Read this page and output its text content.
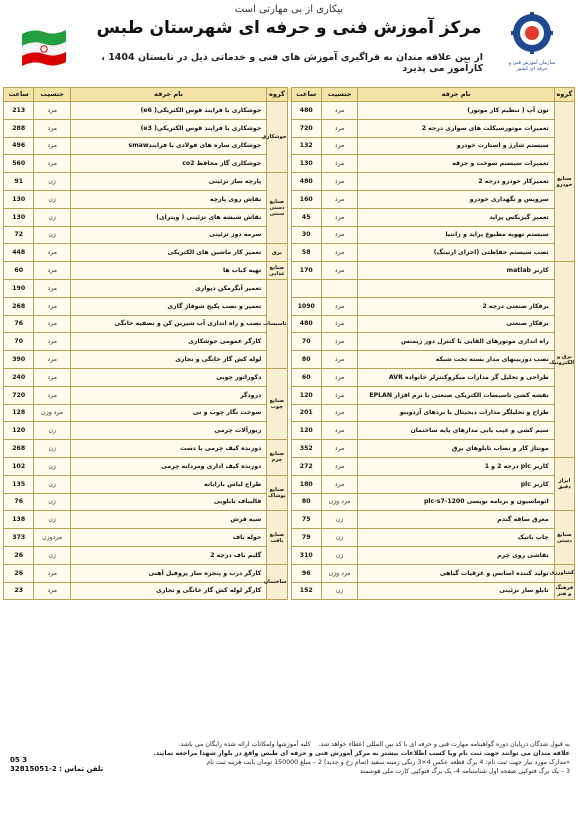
بیکاری از بی مهارتی است
مرکز آموزش فنی و حرفه ای شهرستان طبس
از بین علاقه مندان به فراگیری آموزش های فنی و خدماتی ذیل در تابستان 1404 ، کارآموز می پذیرد	سازمان آموزش فنی و حرفه ای کشور
گروه	نام حرفه	جنسیت	ساعت		گروه	نام حرفه	جنسیت	ساعت
صنایع خودرو	تون آپ ( تنظیم کار موتور)	مرد	480		جوشکاری	جوشکاری با فرایند قوس الکتریکی( e6)	مرد	213
	تعمیرات موتورسیکلت های سواری درجه 2	مرد	720			جوشکاری با فرایند قوس الکتریکی( e3)	مرد	288
	سیستم شارژ و استارت خودرو	مرد	132			جوشکاری سازه های فولادی با فرایندsmaw	مرد	496
	تعمیرات سیستم سوخت و جرقه	مرد	130			جوشکاری گاز محافظ co2	مرد	560
	تعمیرکار خودرو درجه 2	مرد	480		صنایع دستی سنتی	پارچه ساز تزئینی	زن	91
	سرویس و نگهداری خودرو	مرد	160			نقاش روی پارچه	زن	130
	تعمیر گیربکس پراید	مرد	45			نقاش شیشه های تزئینی ( ویترای)	زن	130
	سیستم تهویه مطبوع پراید و زانتیا	مرد	30			سرمه دوز تزئینی	زن	72
	نصب سیستم حفاظتی (اجزای ارتینگ)	مرد	58		برق	تعمیر کار ماشین های الکتریکی	مرد	448
برق و الکترونیک	کاربر matlab	مرد	170		صنایع غذایی	تهیه کباب ها	مرد	60
					تاسیسات	تعمیر آبگرمکن دیواری	مرد	190
	برقکار صنعتی درجه 2	مرد	1090			تعمیر و نصب پکیج شوفاژ گازی	مرد	268
	برقکار صنعتی	مرد	480			نصب و راه اندازی آب شیرین کن و تصفیه خانگی	مرد	76
	راه اندازی موتورهای القایی با کنترل دور زیمنس	مرد	70			کارگر عمومی جوشکاری	مرد	70
	نصب دوربینهای مدار بسته تحت شبکه	مرد	80			لوله کش گاز خانگی و تجاری	مرد	390
	طراحی و تحلیل گر مدارات میکروکنترلر خانواده AVR	مرد	60		صنایع چوب	دکوراتور چوبی	مرد	240
	نقشه کشی تاسیسات الکتریکی صنعتی با نرم افزار EPLAN	مرد	120			درودگر	مرد	720
	طراح و تحلیلگر مدارات دیجیتال با بردهای آردوینو	مرد	201			سوخت نگار چوب و نی	مرد وزن	128
	سیم کشی و عیب یابی مدارهای پایه ساختمان	مرد	120			زیورآلات چرمی	زن	120
	مونتاژ کار و نصاب تابلوهای برق	مرد	352		صنایع چرم	دوزنده کیف چرمی با دست	زن	268
ابزار دقیق	کاربر plc درجه 2 و 1	مرد	272			دوزنده کیف اداری ومردانه چرمی	زن	102
	کاربر plc	مرد	180		صنایع پوشاک	طراح لباس بارایانه	زن	135
	اتوماسیون و برنامه نویسی plc-s7-1200	مرد وزن	80			قالیباف تابلویی	زن	76
صنایع دستی	معرق ساقه گندم	زن	75		صنایع بافت	شیه فرش	زن	138
	چاپ باتیک	زن	79			حوله باف	مردوزن	373
	نقاشی روی چرم	زن	310			گلیم باف درجه 2	زن	26
کشاورزی	تولید کننده اسانس و عرقیات گیاهی	مرد وزن	96		ساختمان	کارگر درب و پنجره ساز پروفیل آهنی	مرد	26
فرهنگ و هنر	تابلو ساز تزئینی	زن	152			کارگر لوله کش گاز خانگی و تجاری	مرد	23
به قبول شدگان درپایان دوره گواهینامه مهارت فنی و حرفه ای با کد بین المللی اعطاء خواهد شد.    کلیه آموزشها وامکانات ارائه شده رایگان می باشد.
علاقه مندان می توانند جهت ثبت نام ویا کسب اطلاعات بیشتر به مرکز آموزش فنی و حرفه ای طبس واقع در بلوار شهدا مراجعه نمایند.
«مدارک مورد نیاز جهت ثبت نام: 4 برگ قطعه عکس 4×3 رنگی زمینه سفید (تمام رخ و جدید) 2 – مبلغ 150000 تومان بابت هزینه ثبت نام
3 – یک برگ فتوکپی صفحه اول شناسنامه 4- یک برگ فتوکپی کارت ملی هوشمند
3 05
تلفن تماس : 2-32815051
